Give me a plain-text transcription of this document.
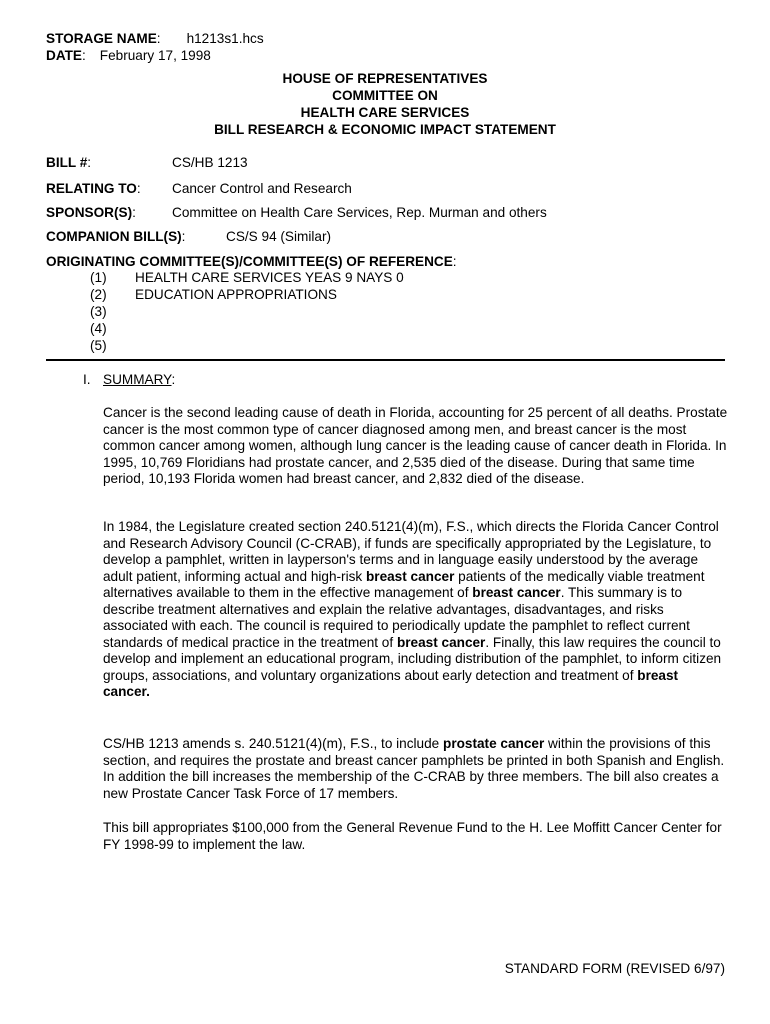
STORAGE NAME: h1213s1.hcs
DATE: February 17, 1998
HOUSE OF REPRESENTATIVES
COMMITTEE ON
HEALTH CARE SERVICES
BILL RESEARCH & ECONOMIC IMPACT STATEMENT
BILL #:	CS/HB 1213
RELATING TO: Cancer Control and Research
SPONSOR(S):	Committee on Health Care Services, Rep. Murman and others
COMPANION BILL(S):	CS/S 94 (Similar)
ORIGINATING COMMITTEE(S)/COMMITTEE(S) OF REFERENCE:
(1) HEALTH CARE SERVICES YEAS 9 NAYS 0
(2) EDUCATION APPROPRIATIONS
(3)
(4)
(5)
I. SUMMARY:
Cancer is the second leading cause of death in Florida, accounting for 25 percent of all deaths. Prostate cancer is the most common type of cancer diagnosed among men, and breast cancer is the most common cancer among women, although lung cancer is the leading cause of cancer death in Florida. In 1995, 10,769 Floridians had prostate cancer, and 2,535 died of the disease. During that same time period, 10,193 Florida women had breast cancer, and 2,832 died of the disease.
In 1984, the Legislature created section 240.5121(4)(m), F.S., which directs the Florida Cancer Control and Research Advisory Council (C-CRAB), if funds are specifically appropriated by the Legislature, to develop a pamphlet, written in layperson's terms and in language easily understood by the average adult patient, informing actual and high-risk breast cancer patients of the medically viable treatment alternatives available to them in the effective management of breast cancer. This summary is to describe treatment alternatives and explain the relative advantages, disadvantages, and risks associated with each. The council is required to periodically update the pamphlet to reflect current standards of medical practice in the treatment of breast cancer. Finally, this law requires the council to develop and implement an educational program, including distribution of the pamphlet, to inform citizen groups, associations, and voluntary organizations about early detection and treatment of breast cancer.
CS/HB 1213 amends s. 240.5121(4)(m), F.S., to include prostate cancer within the provisions of this section, and requires the prostate and breast cancer pamphlets be printed in both Spanish and English. In addition the bill increases the membership of the C-CRAB by three members. The bill also creates a new Prostate Cancer Task Force of 17 members.
This bill appropriates $100,000 from the General Revenue Fund to the H. Lee Moffitt Cancer Center for FY 1998-99 to implement the law.
STANDARD FORM (REVISED 6/97)
